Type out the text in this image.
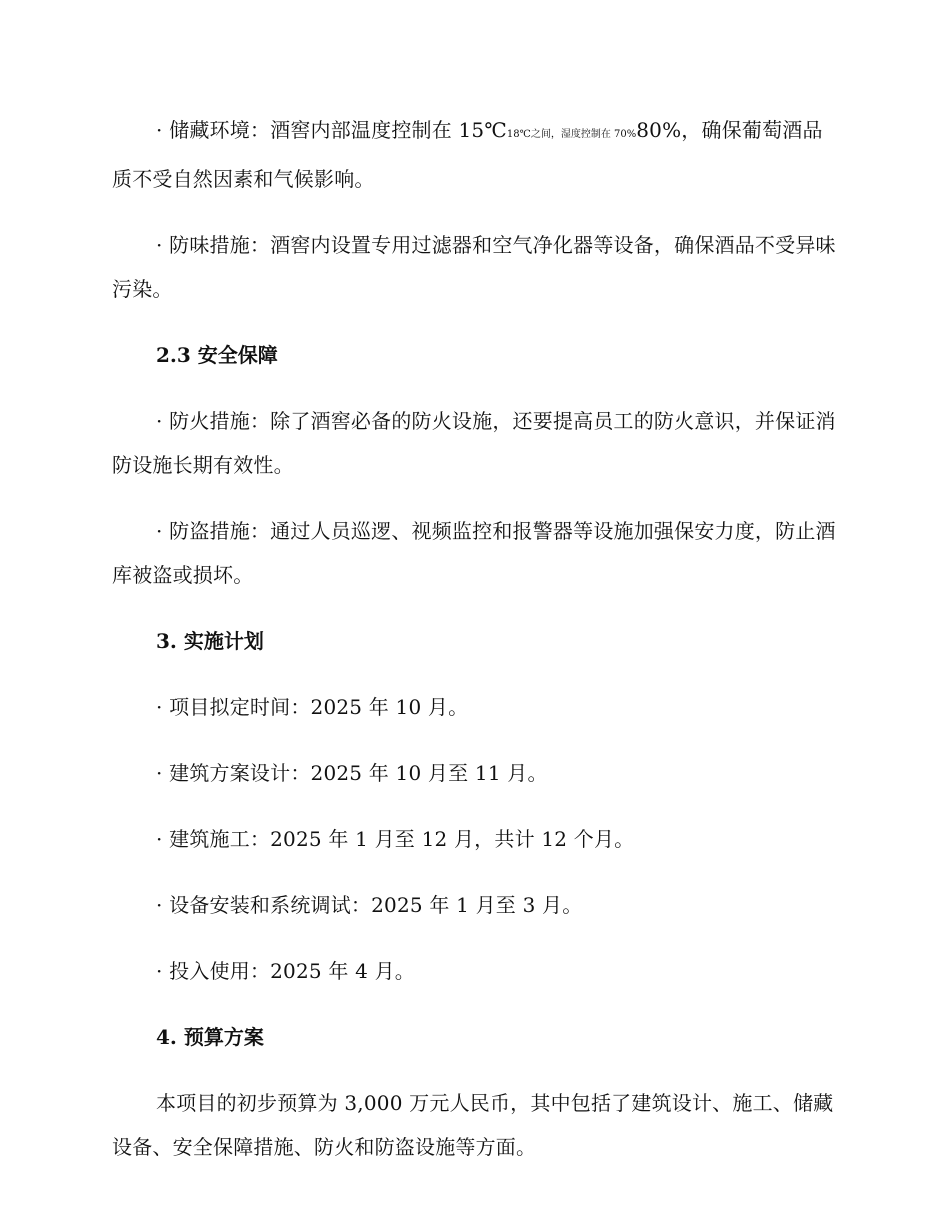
· 储藏环境：酒窖内部温度控制在 15℃18℃之间，湿度控制在 70%80%，确保葡萄酒品质不受自然因素和气候影响。

· 防味措施：酒窖内设置专用过滤器和空气净化器等设备，确保酒品不受异味污染。

2.3 安全保障

· 防火措施：除了酒窖必备的防火设施，还要提高员工的防火意识，并保证消防设施长期有效性。

· 防盗措施：通过人员巡逻、视频监控和报警器等设施加强保安力度，防止酒库被盗或损坏。

3. 实施计划

· 项目拟定时间：2025 年 10 月。

· 建筑方案设计：2025 年 10 月至 11 月。

· 建筑施工：2025 年 1 月至 12 月，共计 12 个月。

· 设备安装和系统调试：2025 年 1 月至 3 月。

· 投入使用：2025 年 4 月。

4. 预算方案

本项目的初步预算为 3,000 万元人民币，其中包括了建筑设计、施工、储藏设备、安全保障措施、防火和防盗设施等方面。
